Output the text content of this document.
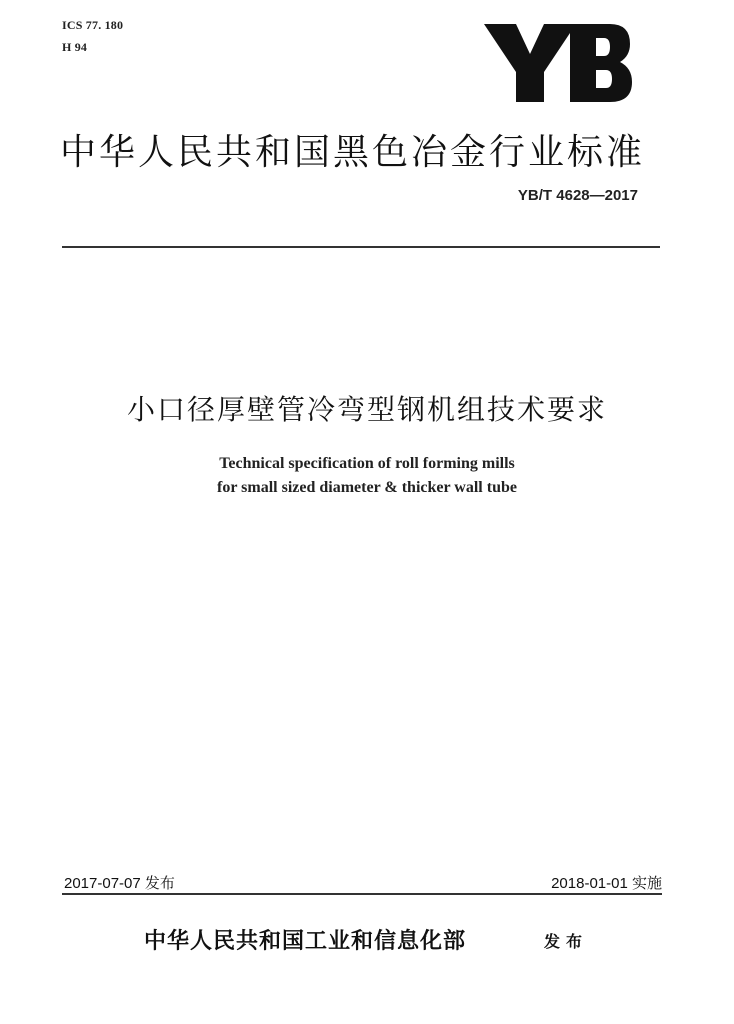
ICS 77. 180
H 94
中华人民共和国黑色冶金行业标准
YB/T 4628—2017
小口径厚壁管冷弯型钢机组技术要求
Technical specification of roll forming mills
for small sized diameter & thicker wall tube
2017-07-07 发布	2018-01-01 实施
中华人民共和国工业和信息化部	发布
